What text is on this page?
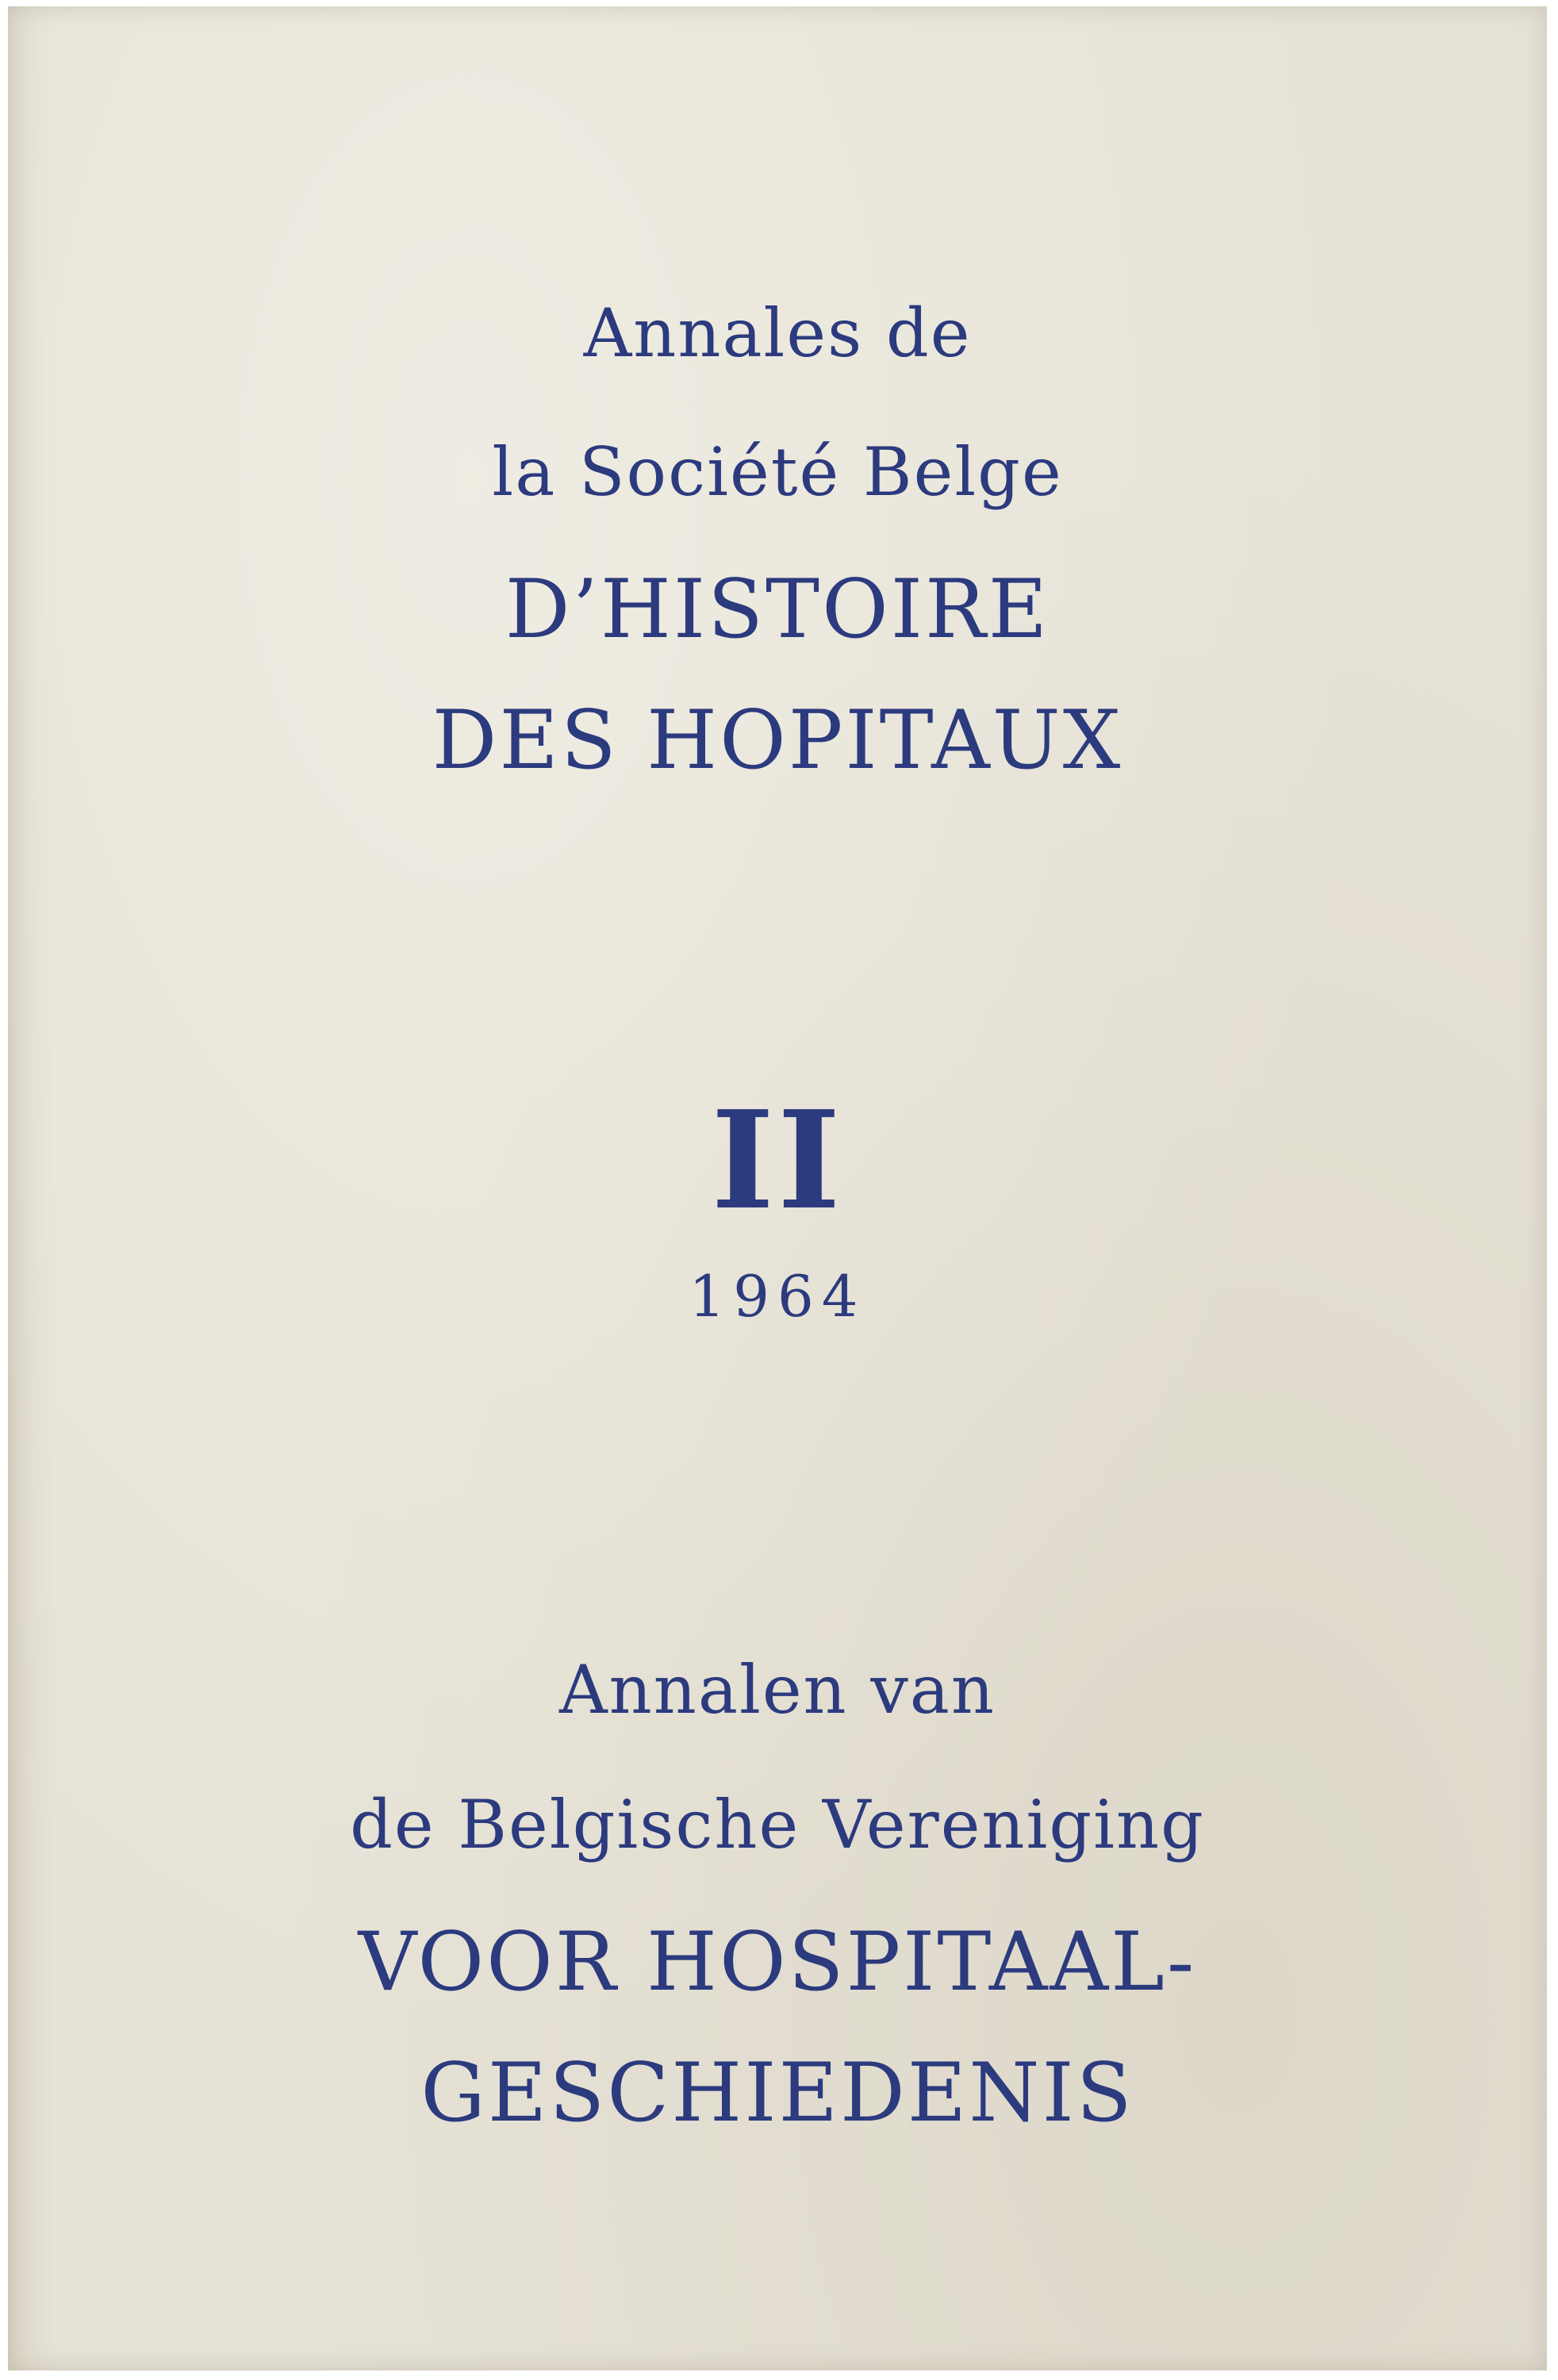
Annales de

la Société Belge

D’HISTOIRE

DES HOPITAUX

II

1964

Annalen van

de Belgische Vereniging

VOOR HOSPITAAL-

GESCHIEDENIS
